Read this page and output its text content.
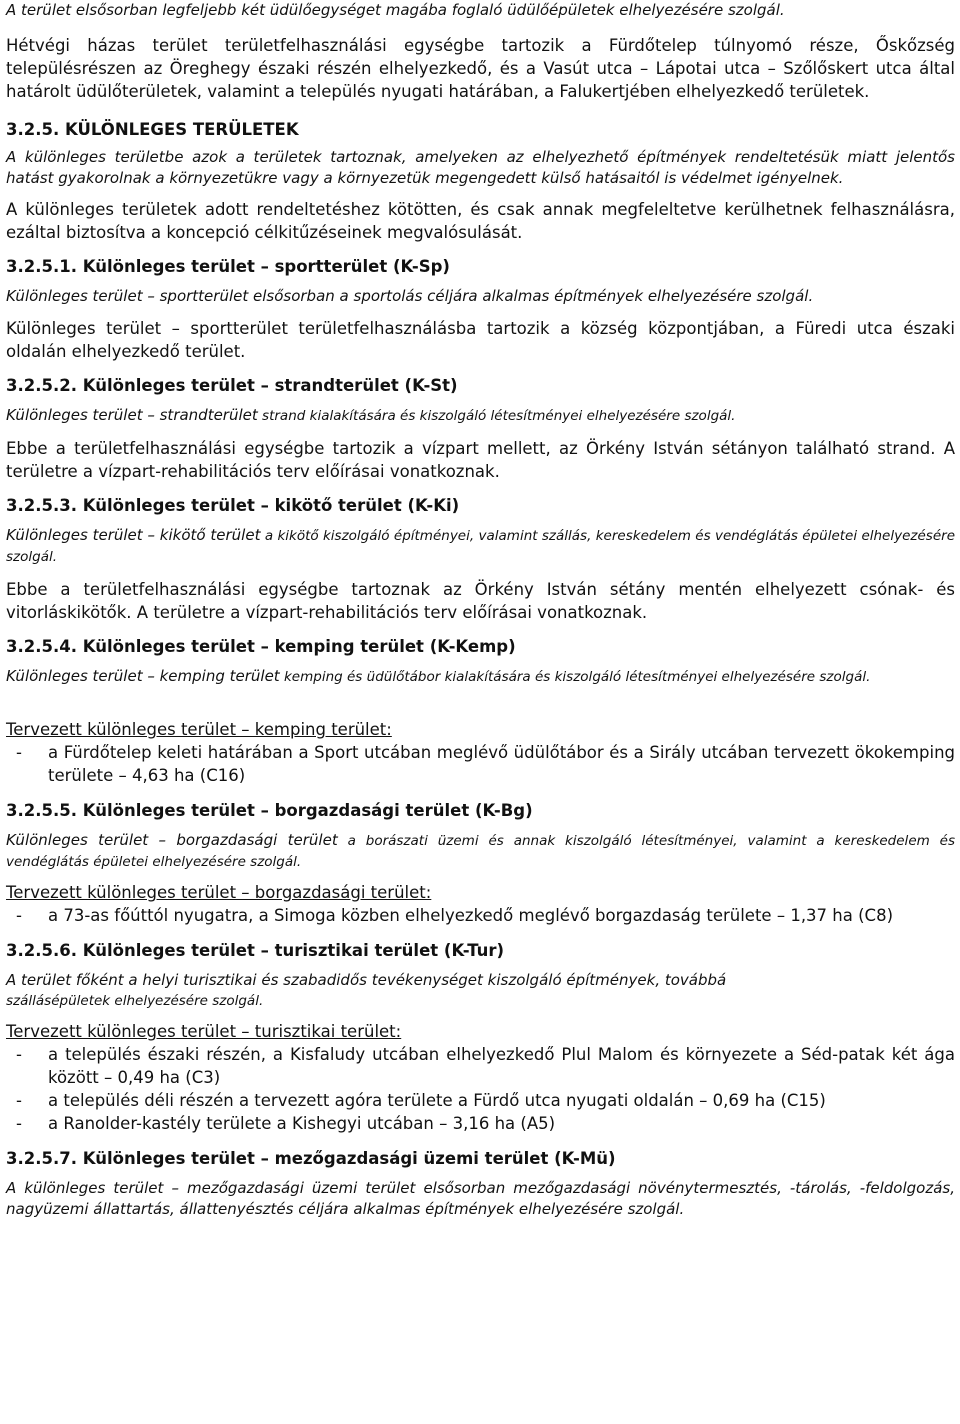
A terület elsősorban legfeljebb két üdülőegységet magába foglaló üdülőépületek elhelyezésére szolgál.

Hétvégi házas terület területfelhasználási egységbe tartozik a Fürdőtelep túlnyomó része, Őskőzség településrészen az Öreghegy északi részén elhelyezkedő, és a Vasút utca – Lápotai utca – Szőlőskert utca által határolt üdülőterületek, valamint a település nyugati határában, a Falukertjében elhelyezkedő területek.

3.2.5. KÜLÖNLEGES TERÜLETEK

A különleges területbe azok a területek tartoznak, amelyeken az elhelyezhető építmények rendeltetésük miatt jelentős hatást gyakorolnak a környezetükre vagy a környezetük megengedett külső hatásaitól is védelmet igényelnek.

A különleges területek adott rendeltetéshez kötötten, és csak annak megfeleltetve kerülhetnek felhasználásra, ezáltal biztosítva a koncepció célkitűzéseinek megvalósulását.

3.2.5.1. Különleges terület – sportterület (K-Sp)

Különleges terület – sportterület elsősorban a sportolás céljára alkalmas építmények elhelyezésére szolgál.

Különleges terület – sportterület területfelhasználásba tartozik a község központjában, a Füredi utca északi oldalán elhelyezkedő terület.

3.2.5.2. Különleges terület – strandterület (K-St)

Különleges terület – strandterület strand kialakítására és kiszolgáló létesítményei elhelyezésére szolgál.

Ebbe a területfelhasználási egységbe tartozik a vízpart mellett, az Örkény István sétányon található strand. A területre a vízpart-rehabilitációs terv előírásai vonatkoznak.

3.2.5.3. Különleges terület – kikötő terület (K-Ki)

Különleges terület – kikötő terület a kikötő kiszolgáló építményei, valamint szállás, kereskedelem és vendéglátás épületei elhelyezésére szolgál.

Ebbe a területfelhasználási egységbe tartoznak az Örkény István sétány mentén elhelyezett csónak- és vitorláskikötők. A területre a vízpart-rehabilitációs terv előírásai vonatkoznak.

3.2.5.4. Különleges terület – kemping terület (K-Kemp)

Különleges terület – kemping terület kemping és üdülőtábor kialakítására és kiszolgáló létesítményei elhelyezésére szolgál.

Tervezett különleges terület – kemping terület:

- a Fürdőtelep keleti határában a Sport utcában meglévő üdülőtábor és a Sirály utcában tervezett ökokemping területe – 4,63 ha (C16)

3.2.5.5. Különleges terület – borgazdasági terület (K-Bg)

Különleges terület – borgazdasági terület a borászati üzemi és annak kiszolgáló létesítményei, valamint a kereskedelem és vendéglátás épületei elhelyezésére szolgál.

Tervezett különleges terület – borgazdasági terület:

- a 73-as főúttól nyugatra, a Simoga közben elhelyezkedő meglévő borgazdaság területe – 1,37 ha (C8)

3.2.5.6. Különleges terület – turisztikai terület (K-Tur)

A terület főként a helyi turisztikai és szabadidős tevékenységet kiszolgáló építmények, továbbá

szállásépületek elhelyezésére szolgál.

Tervezett különleges terület – turisztikai terület:

- a település északi részén, a Kisfaludy utcában elhelyezkedő Plul Malom és környezete a Séd-patak két ága között – 0,49 ha (C3)
- a település déli részén a tervezett agóra területe a Fürdő utca nyugati oldalán – 0,69 ha (C15)
- a Ranolder-kastély területe a Kishegyi utcában – 3,16 ha (A5)

3.2.5.7. Különleges terület – mezőgazdasági üzemi terület (K-Mü)

A különleges terület – mezőgazdasági üzemi terület elsősorban mezőgazdasági növénytermesztés, -tárolás, -feldolgozás, nagyüzemi állattartás, állattenyésztés céljára alkalmas építmények elhelyezésére szolgál.
